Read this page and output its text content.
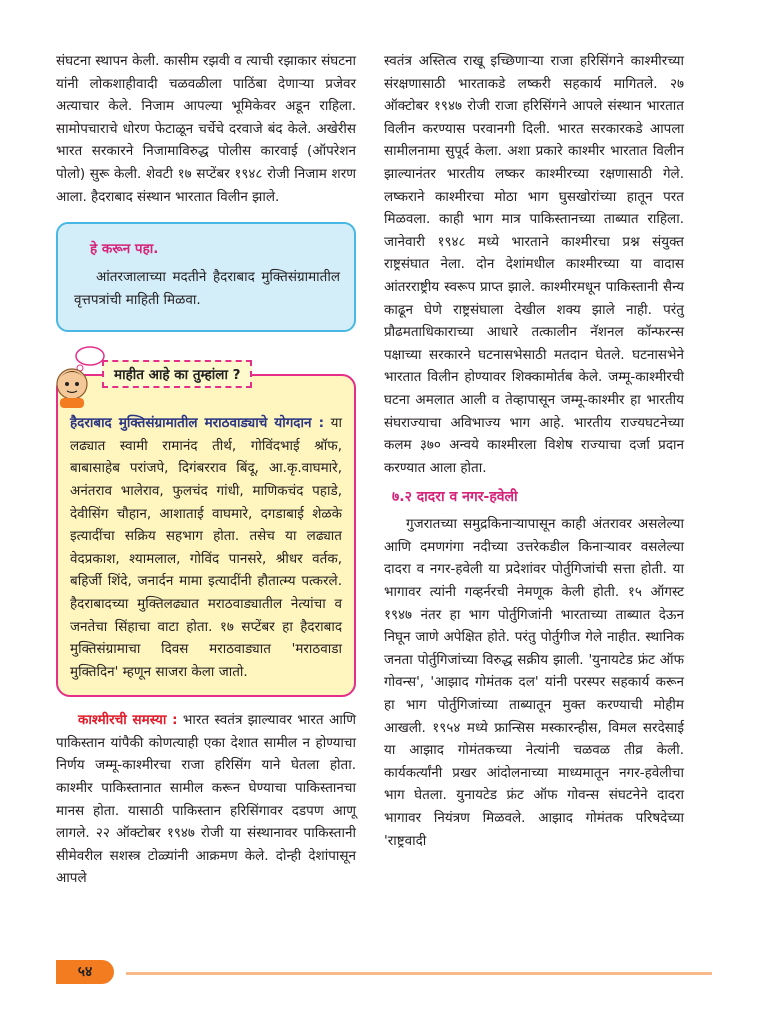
संघटना स्थापन केली. कासीम रझवी व त्याची रझाकार संघटना यांनी लोकशाहीवादी चळवळीला पाठिंबा देणाऱ्या प्रजेवर अत्याचार केले. निजाम आपल्या भूमिकेवर अडून राहिला. सामोपचाराचे धोरण फेटाळून चर्चेचे दरवाजे बंद केले. अखेरीस भारत सरकारने निजामाविरुद्ध पोलीस कारवाई (ऑपरेशन पोलो) सुरू केली. शेवटी १७ सप्टेंबर १९४८ रोजी निजाम शरण आला. हैदराबाद संस्थान भारतात विलीन झाले.

हे करून पहा.

आंतरजालाच्या मदतीने हैदराबाद मुक्तिसंग्रामातील वृत्तपत्रांची माहिती मिळवा.

माहीत आहे का तुम्हांला ?

हैदराबाद मुक्तिसंग्रामातील मराठवाड्याचे योगदान : या लढ्यात स्वामी रामानंद तीर्थ, गोविंदभाई श्रॉफ, बाबासाहेब परांजपे, दिगंबरराव बिंदू, आ.कृ.वाघमारे, अनंतराव भालेराव, फुलचंद गांधी, माणिकचंद पहाडे, देवीसिंग चौहान, आशाताई वाघमारे, दगडाबाई शेळके इत्यादींचा सक्रिय सहभाग होता. तसेच या लढ्यात वेदप्रकाश, श्यामलाल, गोविंद पानसरे, श्रीधर वर्तक, बहिर्जी शिंदे, जनार्दन मामा इत्यादींनी हौतात्म्य पत्करले. हैदराबादच्या मुक्तिलढ्यात मराठवाड्यातील नेत्यांचा व जनतेचा सिंहाचा वाटा होता. १७ सप्टेंबर हा हैदराबाद मुक्तिसंग्रामाचा दिवस मराठवाड्यात 'मराठवाडा मुक्तिदिन' म्हणून साजरा केला जातो.

काश्मीरची समस्या : भारत स्वतंत्र झाल्यावर भारत आणि पाकिस्तान यांपैकी कोणत्याही एका देशात सामील न होण्याचा निर्णय जम्मू-काश्मीरचा राजा हरिसिंग याने घेतला होता. काश्मीर पाकिस्तानात सामील करून घेण्याचा पाकिस्तानचा मानस होता. यासाठी पाकिस्तान हरिसिंगावर दडपण आणू लागले. २२ ऑक्टोबर १९४७ रोजी या संस्थानावर पाकिस्तानी सीमेवरील सशस्त्र टोळ्यांनी आक्रमण केले. दोन्ही देशांपासून आपले

स्वतंत्र अस्तित्व राखू इच्छिणाऱ्या राजा हरिसिंगने काश्मीरच्या संरक्षणासाठी भारताकडे लष्करी सहकार्य मागितले. २७ ऑक्टोबर १९४७ रोजी राजा हरिसिंगने आपले संस्थान भारतात विलीन करण्यास परवानगी दिली. भारत सरकारकडे आपला सामीलनामा सुपूर्द केला. अशा प्रकारे काश्मीर भारतात विलीन झाल्यानंतर भारतीय लष्कर काश्मीरच्या रक्षणासाठी गेले. लष्कराने काश्मीरचा मोठा भाग घुसखोरांच्या हातून परत मिळवला. काही भाग मात्र पाकिस्तानच्या ताब्यात राहिला. जानेवारी १९४८ मध्ये भारताने काश्मीरचा प्रश्न संयुक्त राष्ट्रसंघात नेला. दोन देशांमधील काश्मीरच्या या वादास आंतरराष्ट्रीय स्वरूप प्राप्त झाले. काश्मीरमधून पाकिस्तानी सैन्य काढून घेणे राष्ट्रसंघाला देखील शक्य झाले नाही. परंतु प्रौढमताधिकाराच्या आधारे तत्कालीन नॅशनल कॉन्फरन्स पक्षाच्या सरकारने घटनासभेसाठी मतदान घेतले. घटनासभेने भारतात विलीन होण्यावर शिक्कामोर्तब केले. जम्मू-काश्मीरची घटना अमलात आली व तेव्हापासून जम्मू-काश्मीर हा भारतीय संघराज्याचा अविभाज्य भाग आहे. भारतीय राज्यघटनेच्या कलम ३७० अन्वये काश्मीरला विशेष राज्याचा दर्जा प्रदान करण्यात आला होता.

७.२ दादरा व नगर-हवेली

गुजरातच्या समुद्रकिनाऱ्यापासून काही अंतरावर असलेल्या आणि दमणगंगा नदीच्या उत्तरेकडील किनाऱ्यावर वसलेल्या दादरा व नगर-हवेली या प्रदेशांवर पोर्तुगिजांची सत्ता होती. या भागावर त्यांनी गव्हर्नरची नेमणूक केली होती. १५ ऑगस्ट १९४७ नंतर हा भाग पोर्तुगिजांनी भारताच्या ताब्यात देऊन निघून जाणे अपेक्षित होते. परंतु पोर्तुगीज गेले नाहीत. स्थानिक जनता पोर्तुगिजांच्या विरुद्ध सक्रीय झाली. 'युनायटेड फ्रंट ऑफ गोवन्स', 'आझाद गोमंतक दल' यांनी परस्पर सहकार्य करून हा भाग पोर्तुगिजांच्या ताब्यातून मुक्त करण्याची मोहीम आखली. १९५४ मध्ये फ्रान्सिस मस्कारन्हीस, विमल सरदेसाई या आझाद गोमंतकच्या नेत्यांनी चळवळ तीव्र केली. कार्यकर्त्यांनी प्रखर आंदोलनाच्या माध्यमातून नगर-हवेलीचा भाग घेतला. युनायटेड फ्रंट ऑफ गोवन्स संघटनेने दादरा भागावर नियंत्रण मिळवले. आझाद गोमंतक परिषदेच्या 'राष्ट्रवादी

५४
